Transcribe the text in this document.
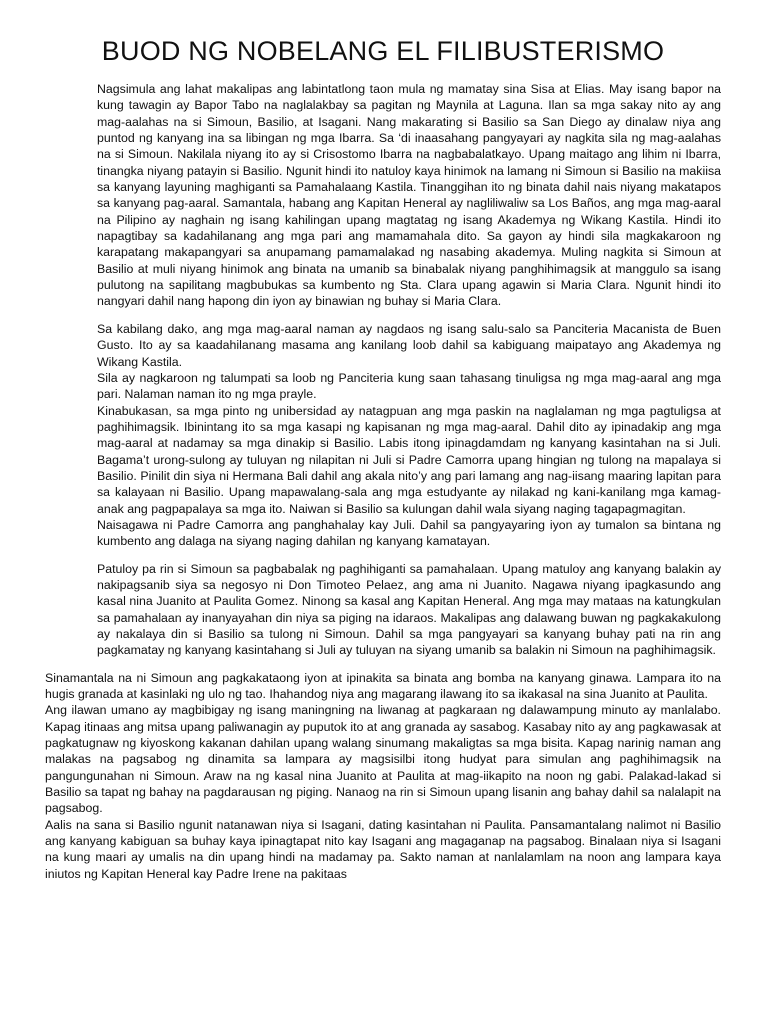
BUOD NG NOBELANG EL FILIBUSTERISMO

Nagsimula ang lahat makalipas ang labintatlong taon mula ng mamatay sina Sisa at Elias. May isang bapor na kung tawagin ay Bapor Tabo na naglalakbay sa pagitan ng Maynila at Laguna. Ilan sa mga sakay nito ay ang mag-aalahas na si Simoun, Basilio, at Isagani. Nang makarating si Basilio sa San Diego ay dinalaw niya ang puntod ng kanyang ina sa libingan ng mga Ibarra. Sa ‘di inaasahang pangyayari ay nagkita sila ng mag-aalahas na si Simoun. Nakilala niyang ito ay si Crisostomo Ibarra na nagbabalatkayo. Upang maitago ang lihim ni Ibarra, tinangka niyang patayin si Basilio. Ngunit hindi ito natuloy kaya hinimok na lamang ni Simoun si Basilio na makiisa sa kanyang layuning maghiganti sa Pamahalaang Kastila. Tinanggihan ito ng binata dahil nais niyang makatapos sa kanyang pag-aaral. Samantala, habang ang Kapitan Heneral ay nagliliwaliw sa Los Baños, ang mga mag-aaral na Pilipino ay naghain ng isang kahilingan upang magtatag ng isang Akademya ng Wikang Kastila. Hindi ito napagtibay sa kadahilanang ang mga pari ang mamamahala dito. Sa gayon ay hindi sila magkakaroon ng karapatang makapangyari sa anupamang pamamalakad ng nasabing akademya. Muling nagkita si Simoun at Basilio at muli niyang hinimok ang binata na umanib sa binabalak niyang panghihimagsik at manggulo sa isang pulutong na sapilitang magbubukas sa kumbento ng Sta. Clara upang agawin si Maria Clara. Ngunit hindi ito nangyari dahil nang hapong din iyon ay binawian ng buhay si Maria Clara.

Sa kabilang dako, ang mga mag-aaral naman ay nagdaos ng isang salu-salo sa Panciteria Macanista de Buen Gusto. Ito ay sa kaadahilanang masama ang kanilang loob dahil sa kabiguang maipatayo ang Akademya ng Wikang Kastila.
Sila ay nagkaroon ng talumpati sa loob ng Panciteria kung saan tahasang tinuligsa ng mga mag-aaral ang mga pari. Nalaman naman ito ng mga prayle.
Kinabukasan, sa mga pinto ng unibersidad ay natagpuan ang mga paskin na naglalaman ng mga pagtuligsa at paghihimagsik. Ibinintang ito sa mga kasapi ng kapisanan ng mga mag-aaral. Dahil dito ay ipinadakip ang mga mag-aaral at nadamay sa mga dinakip si Basilio. Labis itong ipinagdamdam ng kanyang kasintahan na si Juli. Bagama’t urong-sulong ay tuluyan ng nilapitan ni Juli si Padre Camorra upang hingian ng tulong na mapalaya si Basilio. Pinilit din siya ni Hermana Bali dahil ang akala nito’y ang pari lamang ang nag-iisang maaring lapitan para sa kalayaan ni Basilio. Upang mapawalang-sala ang mga estudyante ay nilakad ng kani-kanilang mga kamag-anak ang pagpapalaya sa mga ito. Naiwan si Basilio sa kulungan dahil wala siyang naging tagapagmagitan.
Naisagawa ni Padre Camorra ang panghahalay kay Juli. Dahil sa pangyayaring iyon ay tumalon sa bintana ng kumbento ang dalaga na siyang naging dahilan ng kanyang kamatayan.

Patuloy pa rin si Simoun sa pagbabalak ng paghihiganti sa pamahalaan. Upang matuloy ang kanyang balakin ay nakipagsanib siya sa negosyo ni Don Timoteo Pelaez, ang ama ni Juanito. Nagawa niyang ipagkasundo ang kasal nina Juanito at Paulita Gomez. Ninong sa kasal ang Kapitan Heneral. Ang mga may mataas na katungkulan sa pamahalaan ay inanyayahan din niya sa piging na idaraos. Makalipas ang dalawang buwan ng pagkakakulong ay nakalaya din si Basilio sa tulong ni Simoun. Dahil sa mga pangyayari sa kanyang buhay pati na rin ang pagkamatay ng kanyang kasintahang si Juli ay tuluyan na siyang umanib sa balakin ni Simoun na paghihimagsik.

Sinamantala na ni Simoun ang pagkakataong iyon at ipinakita sa binata ang bomba na kanyang ginawa. Lampara ito na hugis granada at kasinlaki ng ulo ng tao. Ihahandog niya ang magarang ilawang ito sa ikakasal na sina Juanito at Paulita.
Ang ilawan umano ay magbibigay ng isang maningning na liwanag at pagkaraan ng dalawampung minuto ay manlalabo. Kapag itinaas ang mitsa upang paliwanagin ay puputok ito at ang granada ay sasabog. Kasabay nito ay ang pagkawasak at pagkatugnaw ng kiyoskong kakanan dahilan upang walang sinumang makaligtas sa mga bisita. Kapag narinig naman ang malakas na pagsabog ng dinamita sa lampara ay magsisilbi itong hudyat para simulan ang paghihimagsik na pangungunahan ni Simoun. Araw na ng kasal nina Juanito at Paulita at mag-iikapito na noon ng gabi. Palakad-lakad si Basilio sa tapat ng bahay na pagdarausan ng piging. Nanaog na rin si Simoun upang lisanin ang bahay dahil sa nalalapit na pagsabog.
Aalis na sana si Basilio ngunit natanawan niya si Isagani, dating kasintahan ni Paulita. Pansamantalang nalimot ni Basilio ang kanyang kabiguan sa buhay kaya ipinagtapat nito kay Isagani ang magaganap na pagsabog. Binalaan niya si Isagani na kung maari ay umalis na din upang hindi na madamay pa. Sakto naman at nanlalamlam na noon ang lampara kaya iniutos ng Kapitan Heneral kay Padre Irene na pakitaas
